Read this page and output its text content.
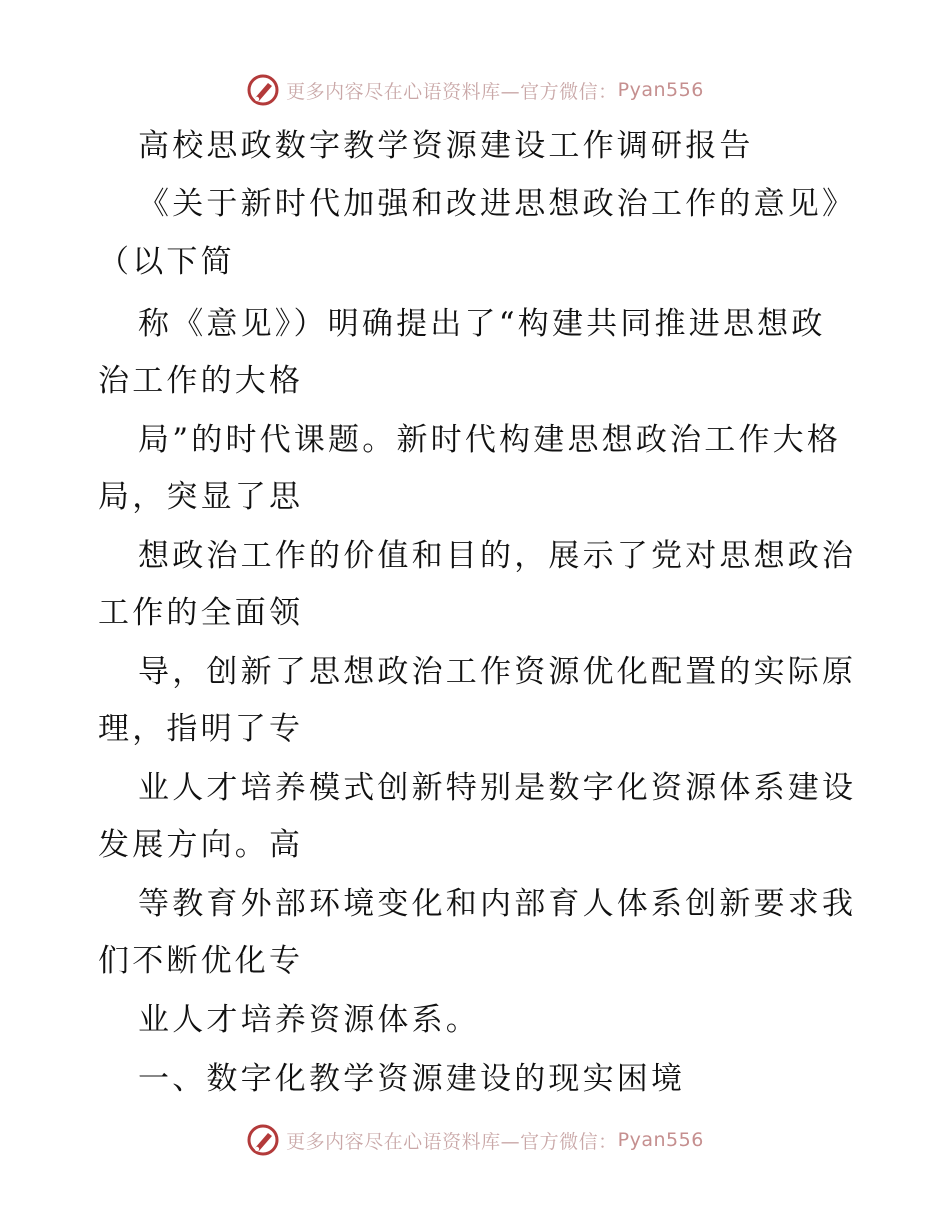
更多内容尽在心语资料库—官方微信： Pyan556
高校思政数字教学资源建设工作调研报告
《关于新时代加强和改进思想政治工作的意见》
（以下简
称《意见》）明确提出了“构建共同推进思想政
治工作的大格
局”的时代课题。新时代构建思想政治工作大格
局，突显了思
想政治工作的价值和目的，展示了党对思想政治
工作的全面领
导，创新了思想政治工作资源优化配置的实际原
理，指明了专
业人才培养模式创新特别是数字化资源体系建设
发展方向。高
等教育外部环境变化和内部育人体系创新要求我
们不断优化专
业人才培养资源体系。
一、数字化教学资源建设的现实困境
更多内容尽在心语资料库—官方微信： Pyan556
